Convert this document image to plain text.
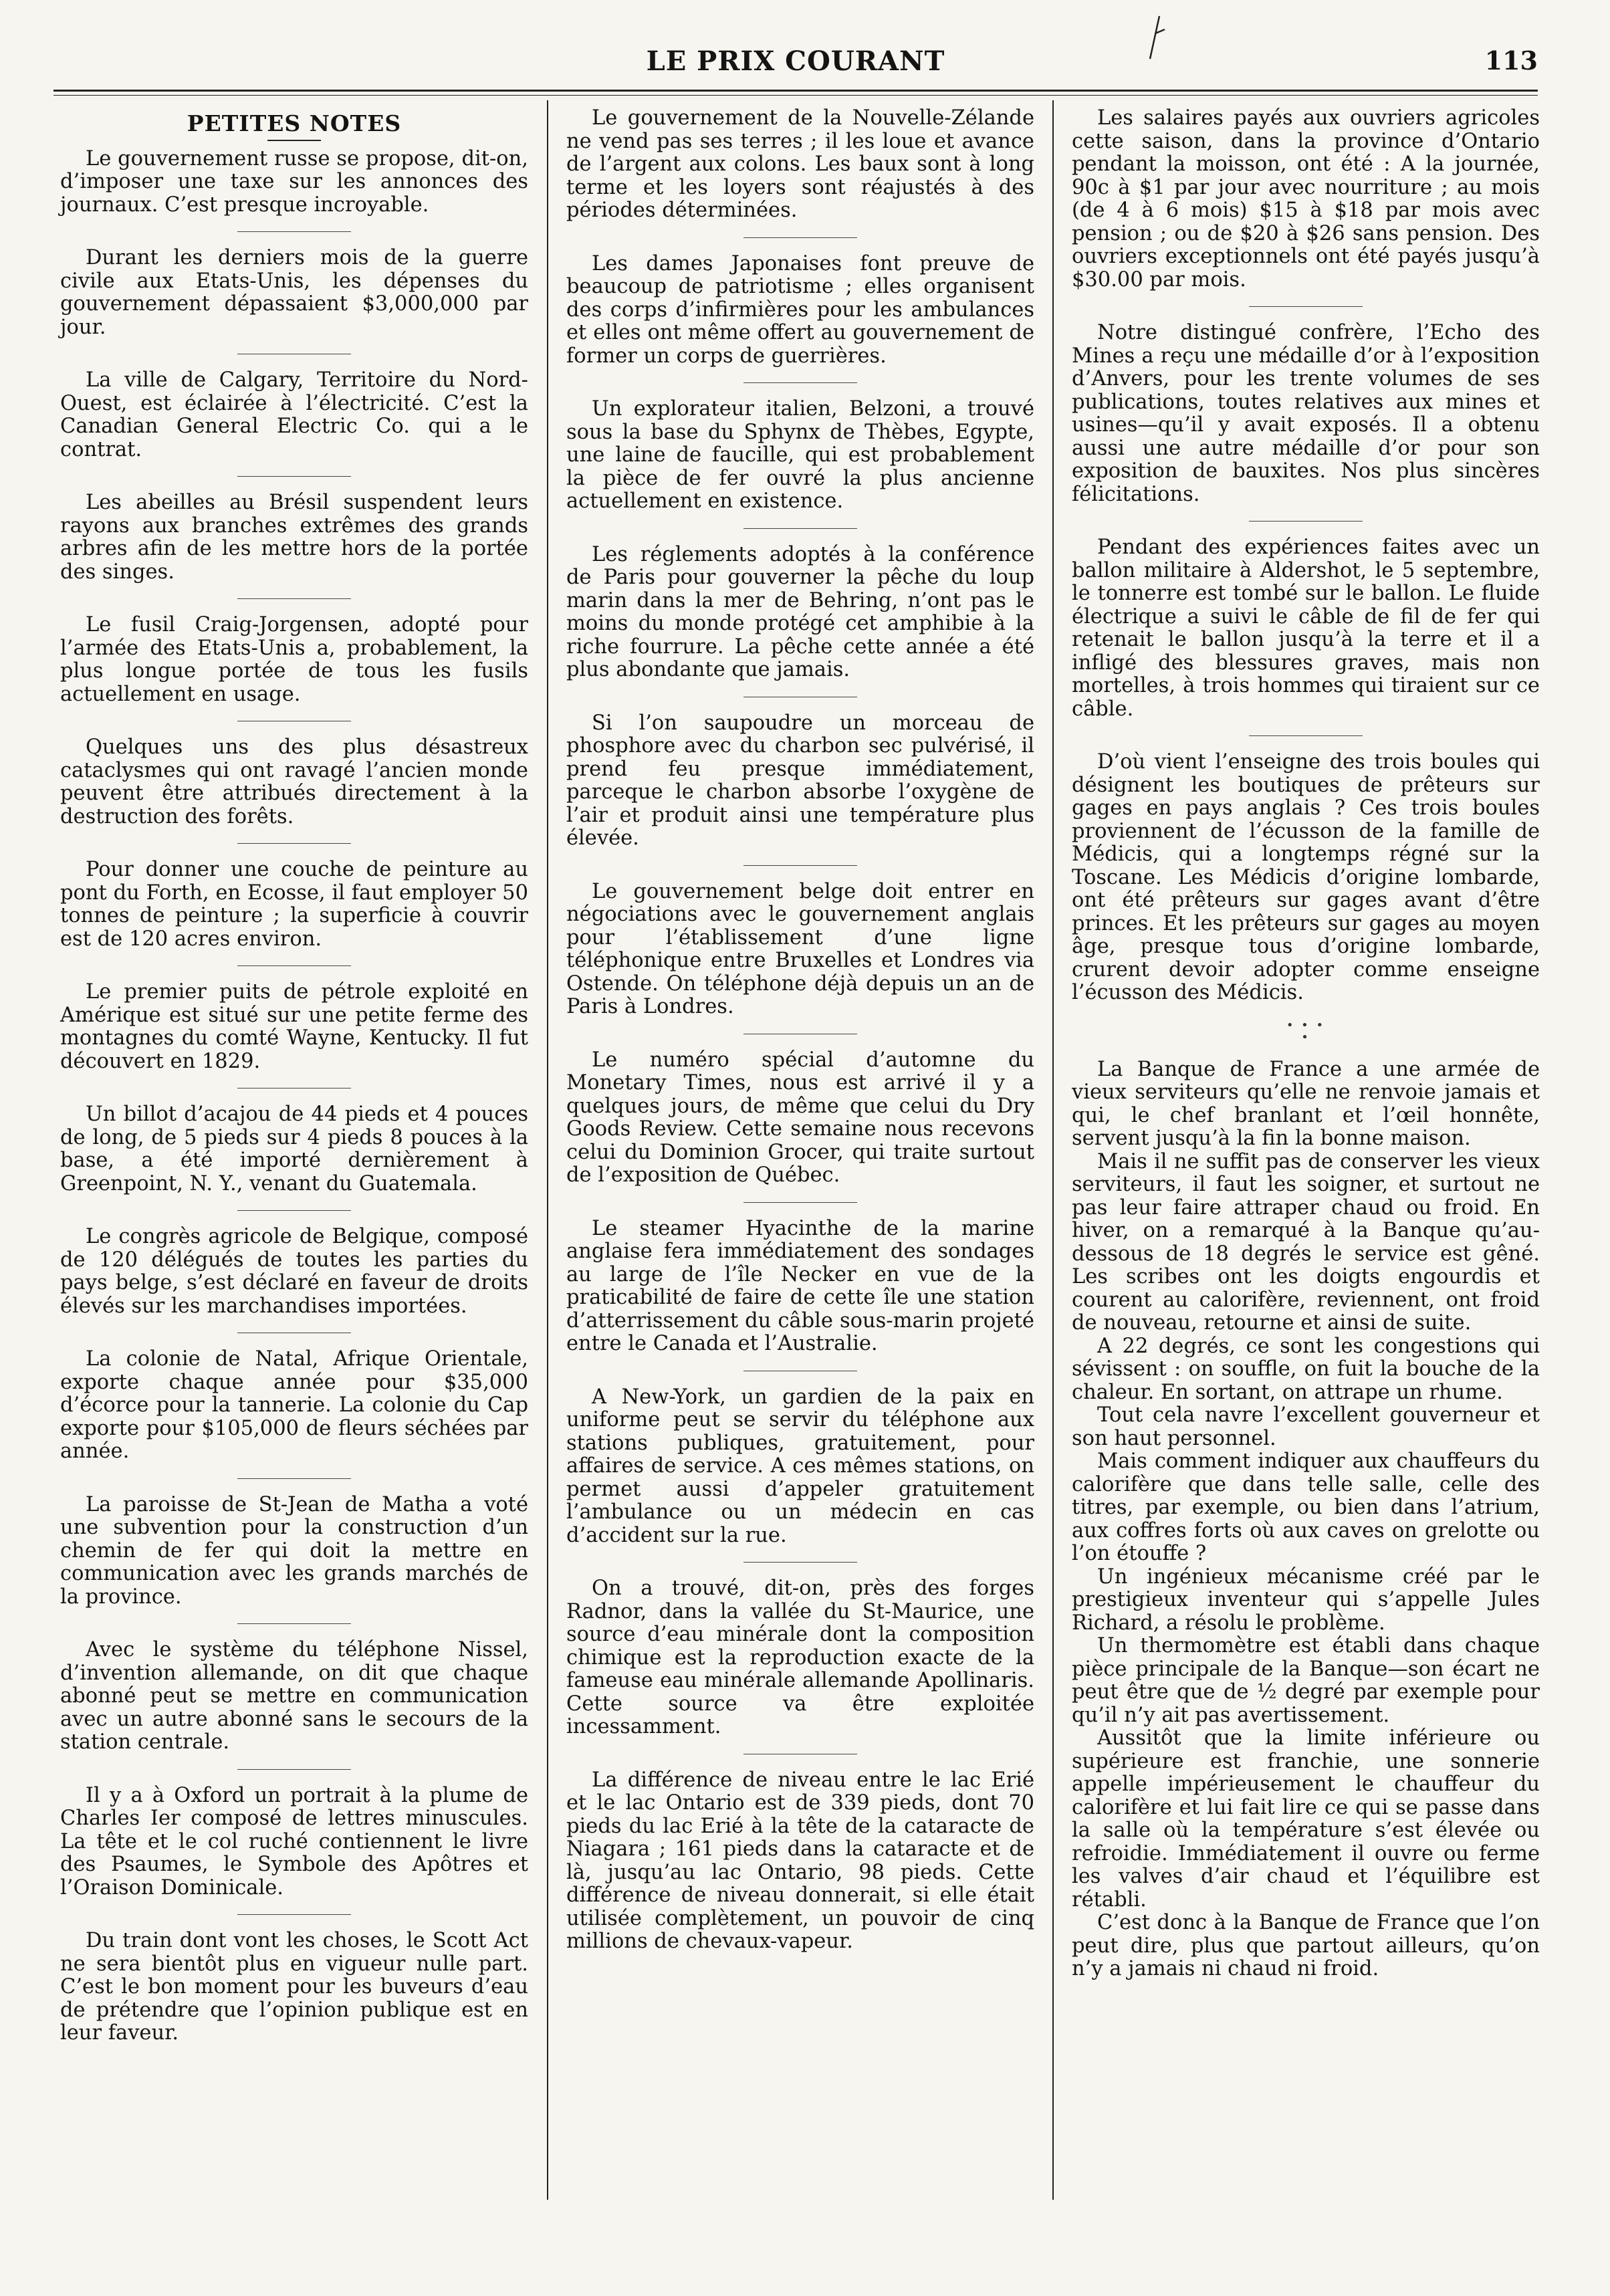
LE PRIX COURANT	113
PETITES NOTES

Le gouvernement russe se propose, dit-on, d’imposer une taxe sur les annonces des journaux. C’est presque incroyable.

Durant les derniers mois de la guerre civile aux Etats-Unis, les dépenses du gouvernement dépassaient $3,000,000 par jour.

La ville de Calgary, Territoire du Nord-Ouest, est éclairée à l’électricité. C’est la Canadian General Electric Co. qui a le contrat.

Les abeilles au Brésil suspendent leurs rayons aux branches extrêmes des grands arbres afin de les mettre hors de la portée des singes.

Le fusil Craig-Jorgensen, adopté pour l’armée des Etats-Unis a, probablement, la plus longue portée de tous les fusils actuellement en usage.

Quelques uns des plus désastreux cataclysmes qui ont ravagé l’ancien monde peuvent être attribués directement à la destruction des forêts.

Pour donner une couche de peinture au pont du Forth, en Ecosse, il faut employer 50 tonnes de peinture ; la superficie à couvrir est de 120 acres environ.

Le premier puits de pétrole exploité en Amérique est situé sur une petite ferme des montagnes du comté Wayne, Kentucky. Il fut découvert en 1829.

Un billot d’acajou de 44 pieds et 4 pouces de long, de 5 pieds sur 4 pieds 8 pouces à la base, a été importé dernièrement à Greenpoint, N. Y., venant du Guatemala.

Le congrès agricole de Belgique, composé de 120 délégués de toutes les parties du pays belge, s’est déclaré en faveur de droits élevés sur les marchandises importées.

La colonie de Natal, Afrique Orientale, exporte chaque année pour $35,000 d’écorce pour la tannerie. La colonie du Cap exporte pour $105,000 de fleurs séchées par année.

La paroisse de St-Jean de Matha a voté une subvention pour la construction d’un chemin de fer qui doit la mettre en communication avec les grands marchés de la province.

Avec le système du téléphone Nissel, d’invention allemande, on dit que chaque abonné peut se mettre en communication avec un autre abonné sans le secours de la station centrale.

Il y a à Oxford un portrait à la plume de Charles Ier composé de lettres minuscules. La tête et le col ruché contiennent le livre des Psaumes, le Symbole des Apôtres et l’Oraison Dominicale.

Du train dont vont les choses, le Scott Act ne sera bientôt plus en vigueur nulle part. C’est le bon moment pour les buveurs d’eau de prétendre que l’opinion publique est en leur faveur.

Le gouvernement de la Nouvelle-Zélande ne vend pas ses terres ; il les loue et avance de l’argent aux colons. Les baux sont à long terme et les loyers sont réajustés à des périodes déterminées.

Les dames Japonaises font preuve de beaucoup de patriotisme ; elles organisent des corps d’infirmières pour les ambulances et elles ont même offert au gouvernement de former un corps de guerrières.

Un explorateur italien, Belzoni, a trouvé sous la base du Sphynx de Thèbes, Egypte, une laine de faucille, qui est probablement la pièce de fer ouvré la plus ancienne actuellement en existence.

Les réglements adoptés à la conférence de Paris pour gouverner la pêche du loup marin dans la mer de Behring, n’ont pas le moins du monde protégé cet amphibie à la riche fourrure. La pêche cette année a été plus abondante que jamais.

Si l’on saupoudre un morceau de phosphore avec du charbon sec pulvérisé, il prend feu presque immédiatement, parceque le charbon absorbe l’oxygène de l’air et produit ainsi une température plus élevée.

Le gouvernement belge doit entrer en négociations avec le gouvernement anglais pour l’établissement d’une ligne téléphonique entre Bruxelles et Londres via Ostende. On téléphone déjà depuis un an de Paris à Londres.

Le numéro spécial d’automne du Monetary Times, nous est arrivé il y a quelques jours, de même que celui du Dry Goods Review. Cette semaine nous recevons celui du Dominion Grocer, qui traite surtout de l’exposition de Québec.

Le steamer Hyacinthe de la marine anglaise fera immédiatement des sondages au large de l’île Necker en vue de la praticabilité de faire de cette île une station d’atterrissement du câble sous-marin projeté entre le Canada et l’Australie.

A New-York, un gardien de la paix en uniforme peut se servir du téléphone aux stations publiques, gratuitement, pour affaires de service. A ces mêmes stations, on permet aussi d’appeler gratuitement l’ambulance ou un médecin en cas d’accident sur la rue.

On a trouvé, dit-on, près des forges Radnor, dans la vallée du St-Maurice, une source d’eau minérale dont la composition chimique est la reproduction exacte de la fameuse eau minérale allemande Apollinaris. Cette source va être exploitée incessamment.

La différence de niveau entre le lac Erié et le lac Ontario est de 339 pieds, dont 70 pieds du lac Erié à la tête de la cataracte de Niagara ; 161 pieds dans la cataracte et de là, jusqu’au lac Ontario, 98 pieds. Cette différence de niveau donnerait, si elle était utilisée complètement, un pouvoir de cinq millions de chevaux-vapeur.

Les salaires payés aux ouvriers agricoles cette saison, dans la province d’Ontario pendant la moisson, ont été : A la journée, 90c à $1 par jour avec nourriture ; au mois (de 4 à 6 mois) $15 à $18 par mois avec pension ; ou de $20 à $26 sans pension. Des ouvriers exceptionnels ont été payés jusqu’à $30.00 par mois.

Notre distingué confrère, l’Echo des Mines a reçu une médaille d’or à l’exposition d’Anvers, pour les trente volumes de ses publications, toutes relatives aux mines et usines—qu’il y avait exposés. Il a obtenu aussi une autre médaille d’or pour son exposition de bauxites. Nos plus sincères félicitations.

Pendant des expériences faites avec un ballon militaire à Aldershot, le 5 septembre, le tonnerre est tombé sur le ballon. Le fluide électrique a suivi le câble de fil de fer qui retenait le ballon jusqu’à la terre et il a infligé des blessures graves, mais non mortelles, à trois hommes qui tiraient sur ce câble.

D’où vient l’enseigne des trois boules qui désignent les boutiques de prêteurs sur gages en pays anglais ? Ces trois boules proviennent de l’écusson de la famille de Médicis, qui a longtemps régné sur la Toscane. Les Médicis d’origine lombarde, ont été prêteurs sur gages avant d’être princes. Et les prêteurs sur gages au moyen âge, presque tous d’origine lombarde, crurent devoir adopter comme enseigne l’écusson des Médicis.

• • • •

La Banque de France a une armée de vieux serviteurs qu’elle ne renvoie jamais et qui, le chef branlant et l’œil honnête, servent jusqu’à la fin la bonne maison.

Mais il ne suffit pas de conserver les vieux serviteurs, il faut les soigner, et surtout ne pas leur faire attraper chaud ou froid. En hiver, on a remarqué à la Banque qu’au-dessous de 18 degrés le service est gêné. Les scribes ont les doigts engourdis et courent au calorifère, reviennent, ont froid de nouveau, retourne et ainsi de suite.

A 22 degrés, ce sont les congestions qui sévissent : on souffle, on fuit la bouche de la chaleur. En sortant, on attrape un rhume.

Tout cela navre l’excellent gouverneur et son haut personnel.

Mais comment indiquer aux chauffeurs du calorifère que dans telle salle, celle des titres, par exemple, ou bien dans l’atrium, aux coffres forts où aux caves on grelotte ou l’on étouffe ?

Un ingénieux mécanisme créé par le prestigieux inventeur qui s’appelle Jules Richard, a résolu le problème.

Un thermomètre est établi dans chaque pièce principale de la Banque—son écart ne peut être que de ½ degré par exemple pour qu’il n’y ait pas avertissement.

Aussitôt que la limite inférieure ou supérieure est franchie, une sonnerie appelle impérieusement le chauffeur du calorifère et lui fait lire ce qui se passe dans la salle où la température s’est élevée ou refroidie. Immédiatement il ouvre ou ferme les valves d’air chaud et l’équilibre est rétabli.

C’est donc à la Banque de France que l’on peut dire, plus que partout ailleurs, qu’on n’y a jamais ni chaud ni froid.
